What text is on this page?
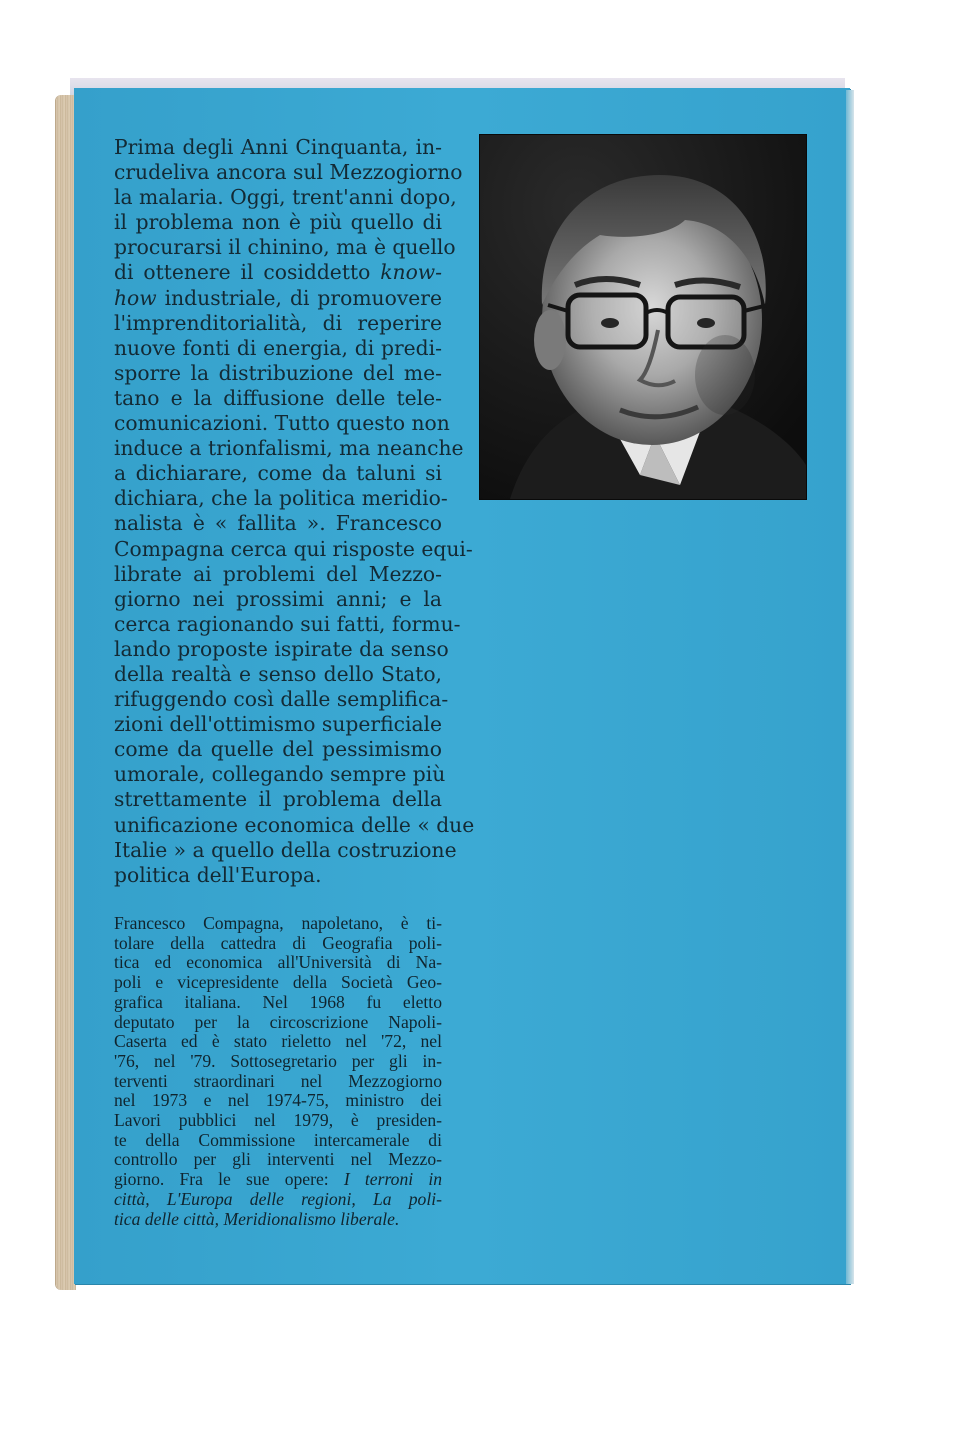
Prima degli Anni Cinquanta, in-
crudeliva ancora sul Mezzogiorno
la malaria. Oggi, trent'anni dopo,
il problema non è più quello di
procurarsi il chinino, ma è quello
di ottenere il cosiddetto know-
how industriale, di promuovere
l'imprenditorialità, di reperire
nuove fonti di energia, di predi-
sporre la distribuzione del me-
tano e la diffusione delle tele-
comunicazioni. Tutto questo non
induce a trionfalismi, ma neanche
a dichiarare, come da taluni si
dichiara, che la politica meridio-
nalista è « fallita ». Francesco
Compagna cerca qui risposte equi-
librate ai problemi del Mezzo-
giorno nei prossimi anni; e la
cerca ragionando sui fatti, formu-
lando proposte ispirate da senso
della realtà e senso dello Stato,
rifuggendo così dalle semplifica-
zioni dell'ottimismo superficiale
come da quelle del pessimismo
umorale, collegando sempre più
strettamente il problema della
unificazione economica delle « due
Italie » a quello della costruzione
politica dell'Europa.
Francesco Compagna, napoletano, è ti-
tolare della cattedra di Geografia poli-
tica ed economica all'Università di Na-
poli e vicepresidente della Società Geo-
grafica italiana. Nel 1968 fu eletto
deputato per la circoscrizione Napoli-
Caserta ed è stato rieletto nel '72, nel
'76, nel '79. Sottosegretario per gli in-
terventi straordinari nel Mezzogiorno
nel 1973 e nel 1974-75, ministro dei
Lavori pubblici nel 1979, è presiden-
te della Commissione intercamerale di
controllo per gli interventi nel Mezzo-
giorno. Fra le sue opere: I terroni in
città, L'Europa delle regioni, La poli-
tica delle città, Meridionalismo liberale.
